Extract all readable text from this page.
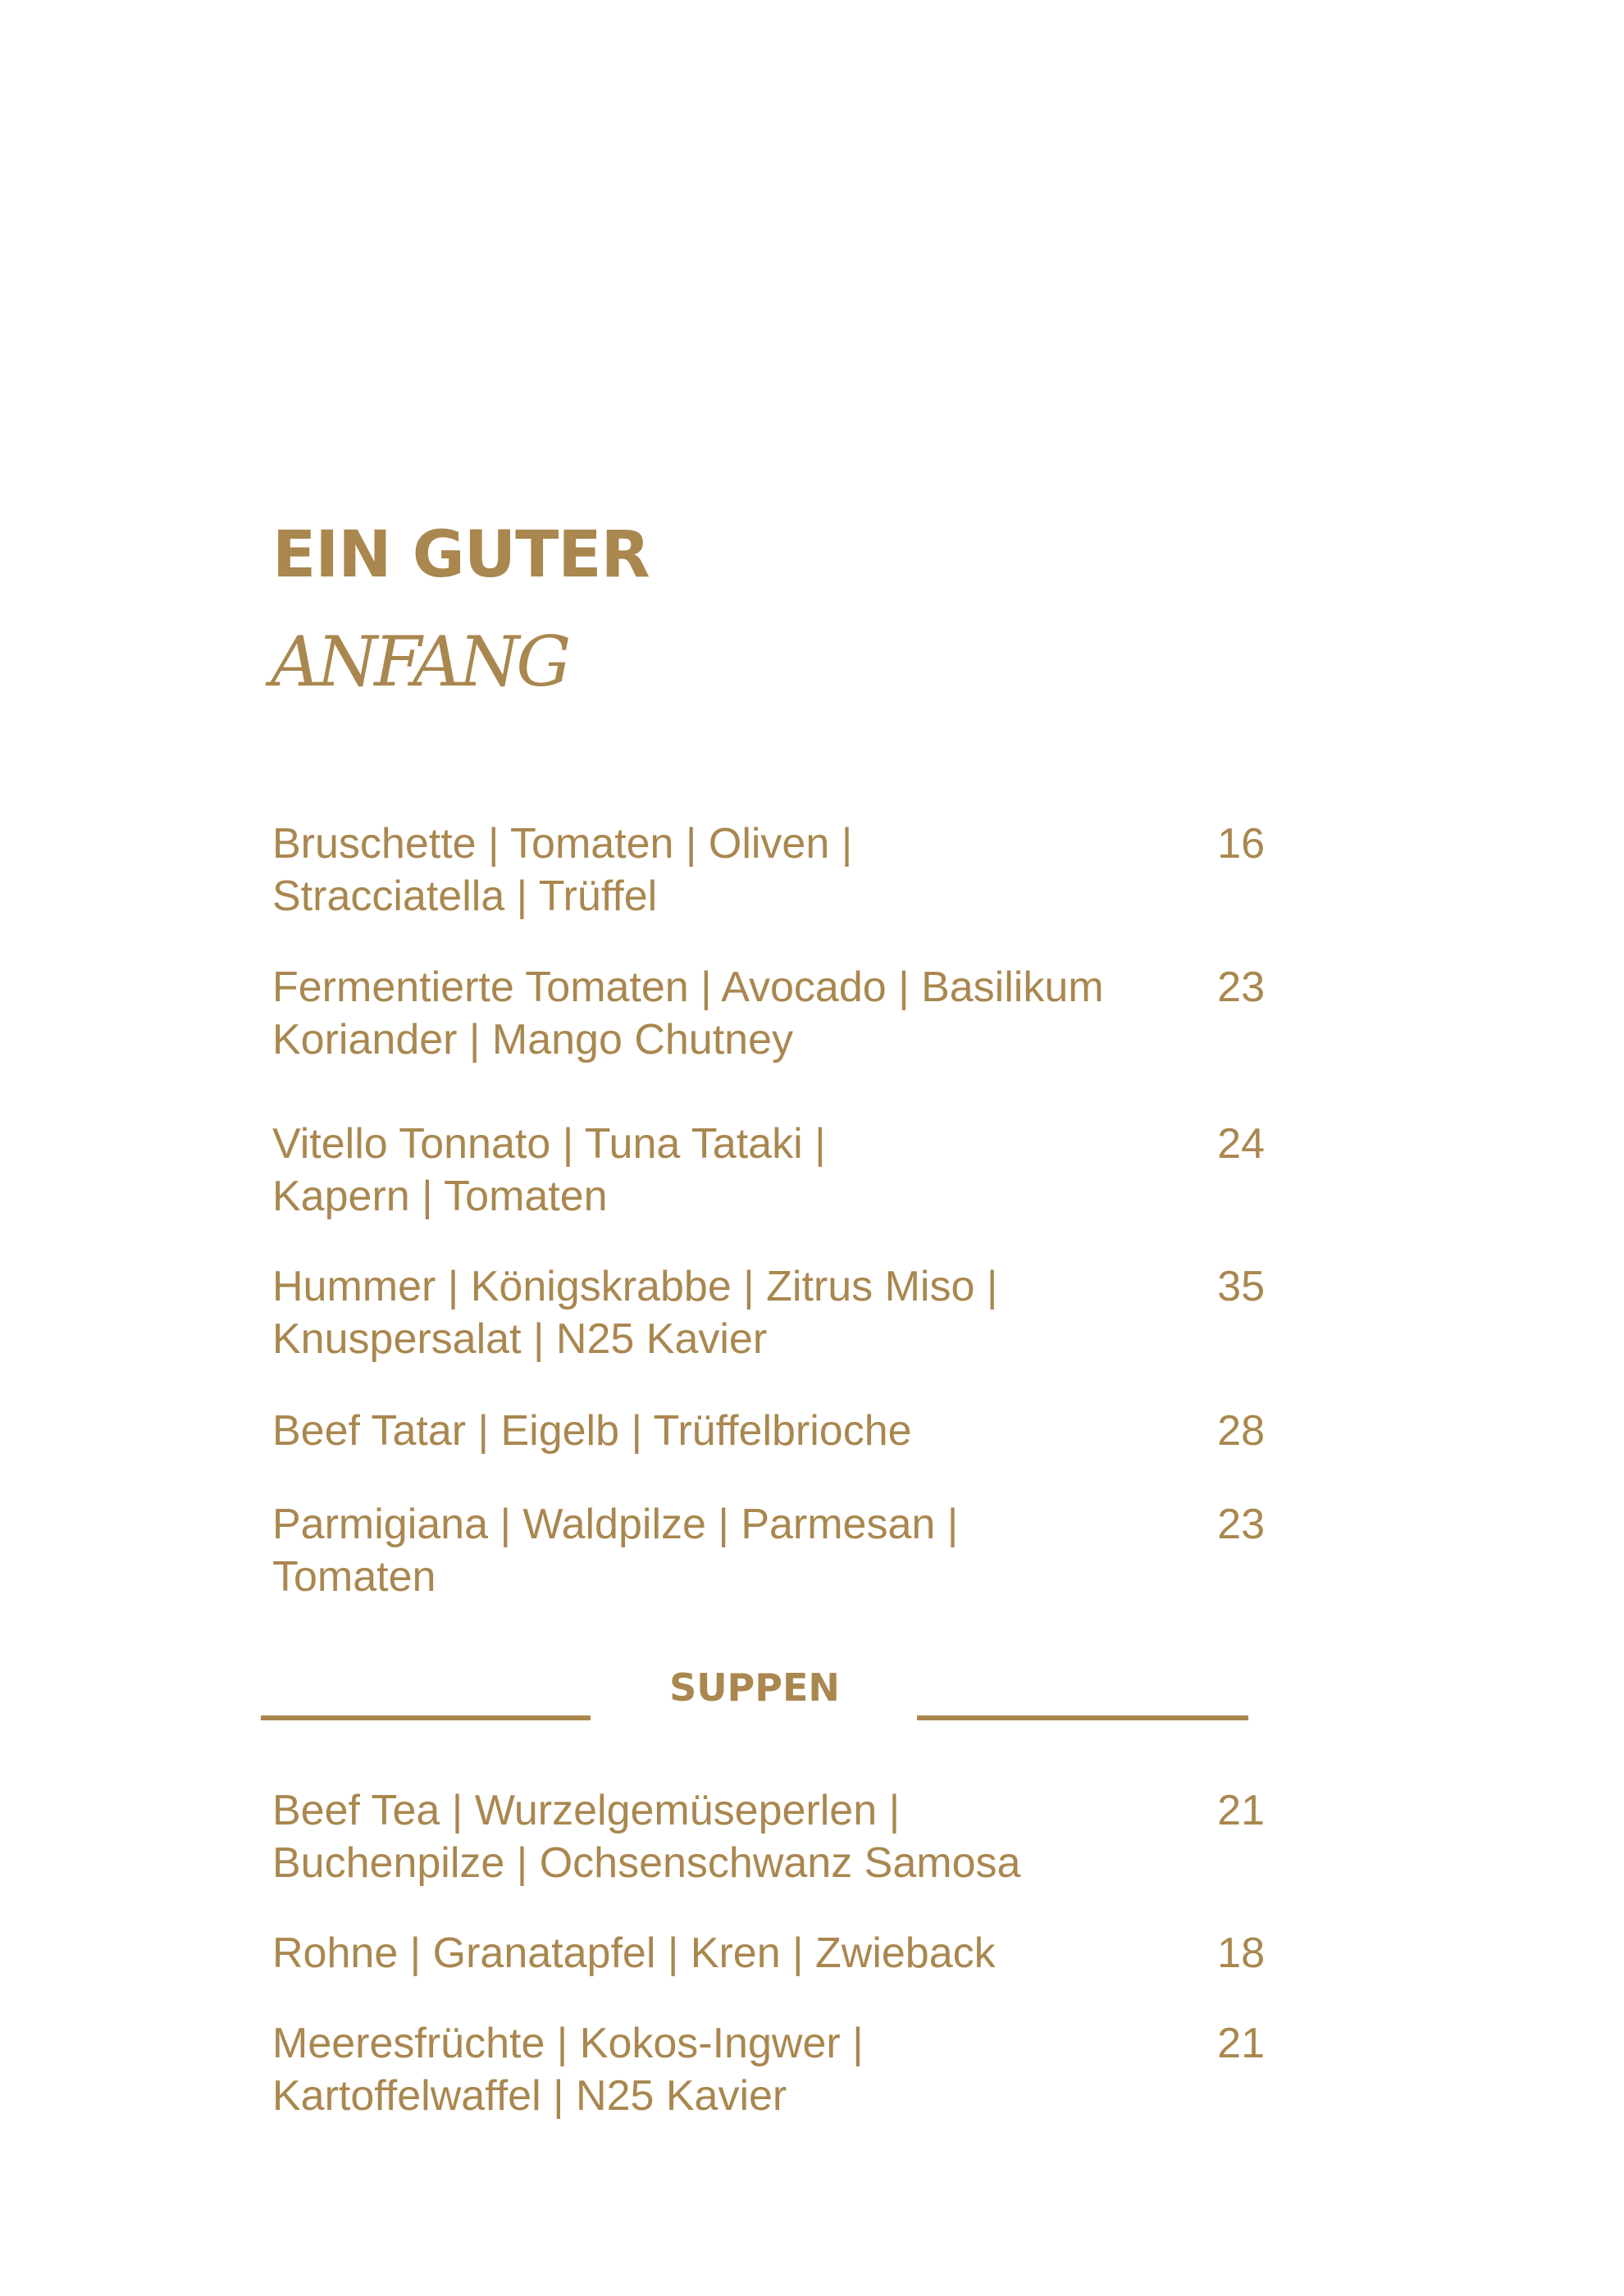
EIN GUTER
ANFANG
Bruschette | Tomaten | Oliven |
Stracciatella | Trüffel
16
Fermentierte Tomaten | Avocado | Basilikum
Koriander | Mango Chutney
23
Vitello Tonnato | Tuna Tataki |
Kapern | Tomaten
24
Hummer | Königskrabbe | Zitrus Miso |
Knuspersalat | N25 Kavier
35
Beef Tatar | Eigelb | Trüffelbrioche	28
Parmigiana | Waldpilze | Parmesan |
Tomaten
23
SUPPEN
Beef Tea | Wurzelgemüseperlen |
Buchenpilze | Ochsenschwanz Samosa
21
Rohne | Granatapfel | Kren | Zwieback	18
Meeresfrüchte | Kokos-Ingwer |
Kartoffelwaffel | N25 Kavier
21
